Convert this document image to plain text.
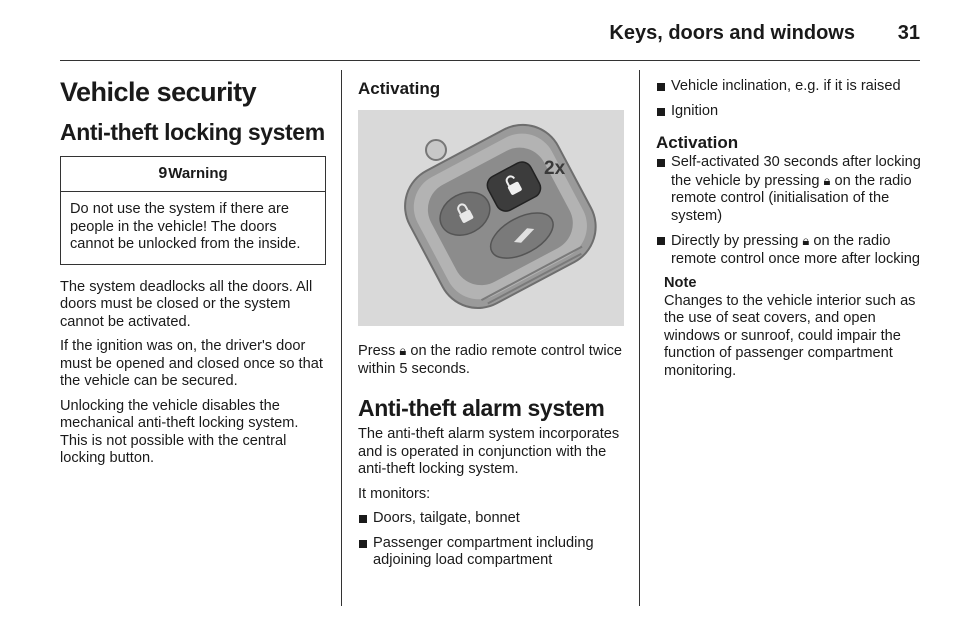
Keys, doors and windows	31
Vehicle security
Anti-theft locking system
9Warning
Do not use the system if there are people in the vehicle! The doors cannot be unlocked from the inside.

The system deadlocks all the doors. All doors must be closed or the system cannot be activated.

If the ignition was on, the driver's door must be opened and closed once so that the vehicle can be secured.

Unlocking the vehicle disables the mechanical anti-theft locking system. This is not possible with the central locking button.

Activating
2x

Press 🔒︎ on the radio remote control twice within 5 seconds.

Anti-theft alarm system

The anti-theft alarm system incorporates and is operated in conjunction with the anti-theft locking system.

It monitors:

Doors, tailgate, bonnet
Passenger compartment including adjoining load compartment
Vehicle inclination, e.g. if it is raised
Ignition
Activation
Self-activated 30 seconds after locking the vehicle by pressing 🔒︎ on the radio remote control (initialisation of the system)
Directly by pressing 🔒︎ on the radio remote control once more after locking
Note

Changes to the vehicle interior such as the use of seat covers, and open windows or sunroof, could impair the function of passenger compartment monitoring.
